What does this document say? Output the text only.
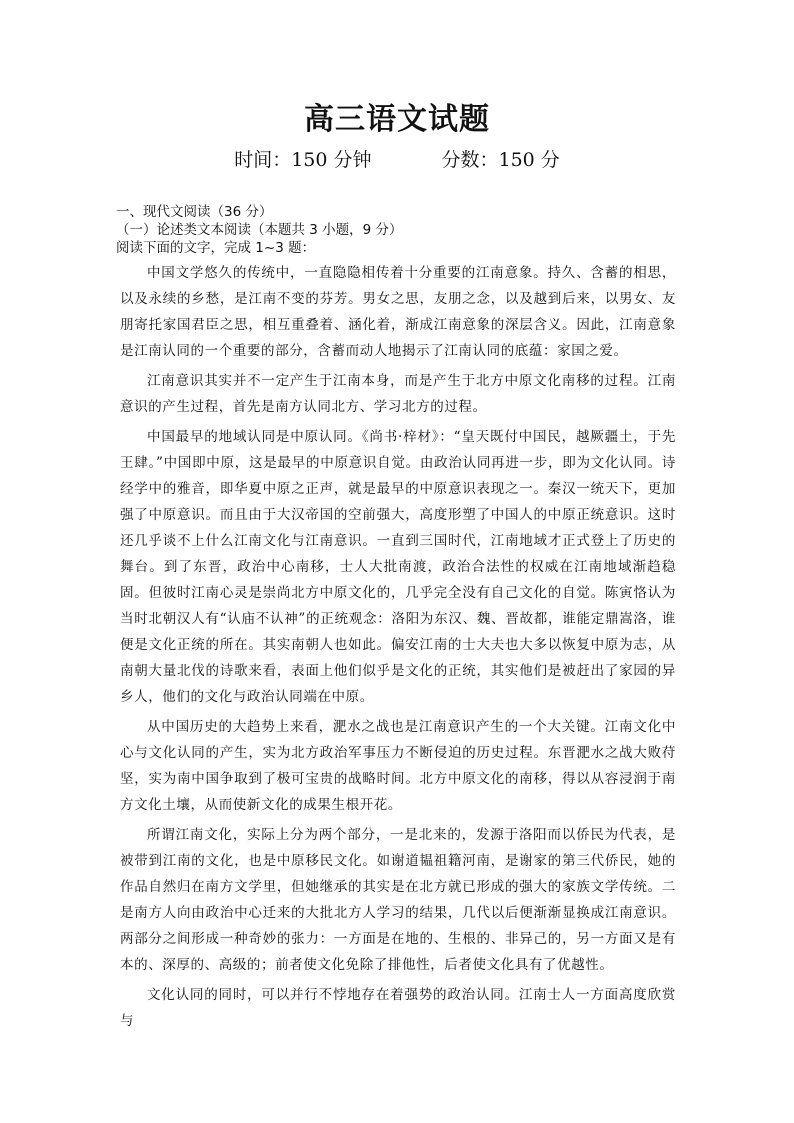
高三语文试题
时间：150 分钟	分数：150 分
一、现代文阅读（36 分）
（一）论述类文本阅读（本题共 3 小题，9 分）
阅读下面的文字，完成 1~3 题：

中国文学悠久的传统中，一直隐隐相传着十分重要的江南意象。持久、含蓄的相思，以及永续的乡愁，是江南不变的芬芳。男女之思，友朋之念，以及越到后来，以男女、友朋寄托家国君臣之思，相互重叠着、涵化着，渐成江南意象的深层含义。因此，江南意象是江南认同的一个重要的部分，含蓄而动人地揭示了江南认同的底蕴：家国之爱。

江南意识其实并不一定产生于江南本身，而是产生于北方中原文化南移的过程。江南意识的产生过程，首先是南方认同北方、学习北方的过程。

中国最早的地域认同是中原认同。《尚书·梓材》：“皇天既付中国民，越厥疆土，于先王肆。”中国即中原，这是最早的中原意识自觉。由政治认同再进一步，即为文化认同。诗经学中的雅音，即华夏中原之正声，就是最早的中原意识表现之一。秦汉一统天下，更加强了中原意识。而且由于大汉帝国的空前强大，高度形塑了中国人的中原正统意识。这时还几乎谈不上什么江南文化与江南意识。一直到三国时代，江南地域才正式登上了历史的舞台。到了东晋，政治中心南移，士人大批南渡，政治合法性的权威在江南地域渐趋稳固。但彼时江南心灵是崇尚北方中原文化的，几乎完全没有自己文化的自觉。陈寅恪认为当时北朝汉人有“认庙不认神”的正统观念：洛阳为东汉、魏、晋故都，谁能定鼎嵩洛，谁便是文化正统的所在。其实南朝人也如此。偏安江南的士大夫也大多以恢复中原为志，从南朝大量北伐的诗歌来看，表面上他们似乎是文化的正统，其实他们是被赶出了家园的异乡人，他们的文化与政治认同端在中原。

从中国历史的大趋势上来看，淝水之战也是江南意识产生的一个大关键。江南文化中心与文化认同的产生，实为北方政治军事压力不断侵迫的历史过程。东晋淝水之战大败苻坚，实为南中国争取到了极可宝贵的战略时间。北方中原文化的南移，得以从容浸润于南方文化土壤，从而使新文化的成果生根开花。

所谓江南文化，实际上分为两个部分，一是北来的，发源于洛阳而以侨民为代表，是被带到江南的文化，也是中原移民文化。如谢道韫祖籍河南，是谢家的第三代侨民，她的作品自然归在南方文学里，但她继承的其实是在北方就已形成的强大的家族文学传统。二是南方人向由政治中心迁来的大批北方人学习的结果，几代以后便渐渐显换成江南意识。两部分之间形成一种奇妙的张力：一方面是在地的、生根的、非异己的，另一方面又是有本的、深厚的、高级的；前者使文化免除了排他性，后者使文化具有了优越性。

文化认同的同时，可以并行不悖地存在着强势的政治认同。江南士人一方面高度欣赏与
